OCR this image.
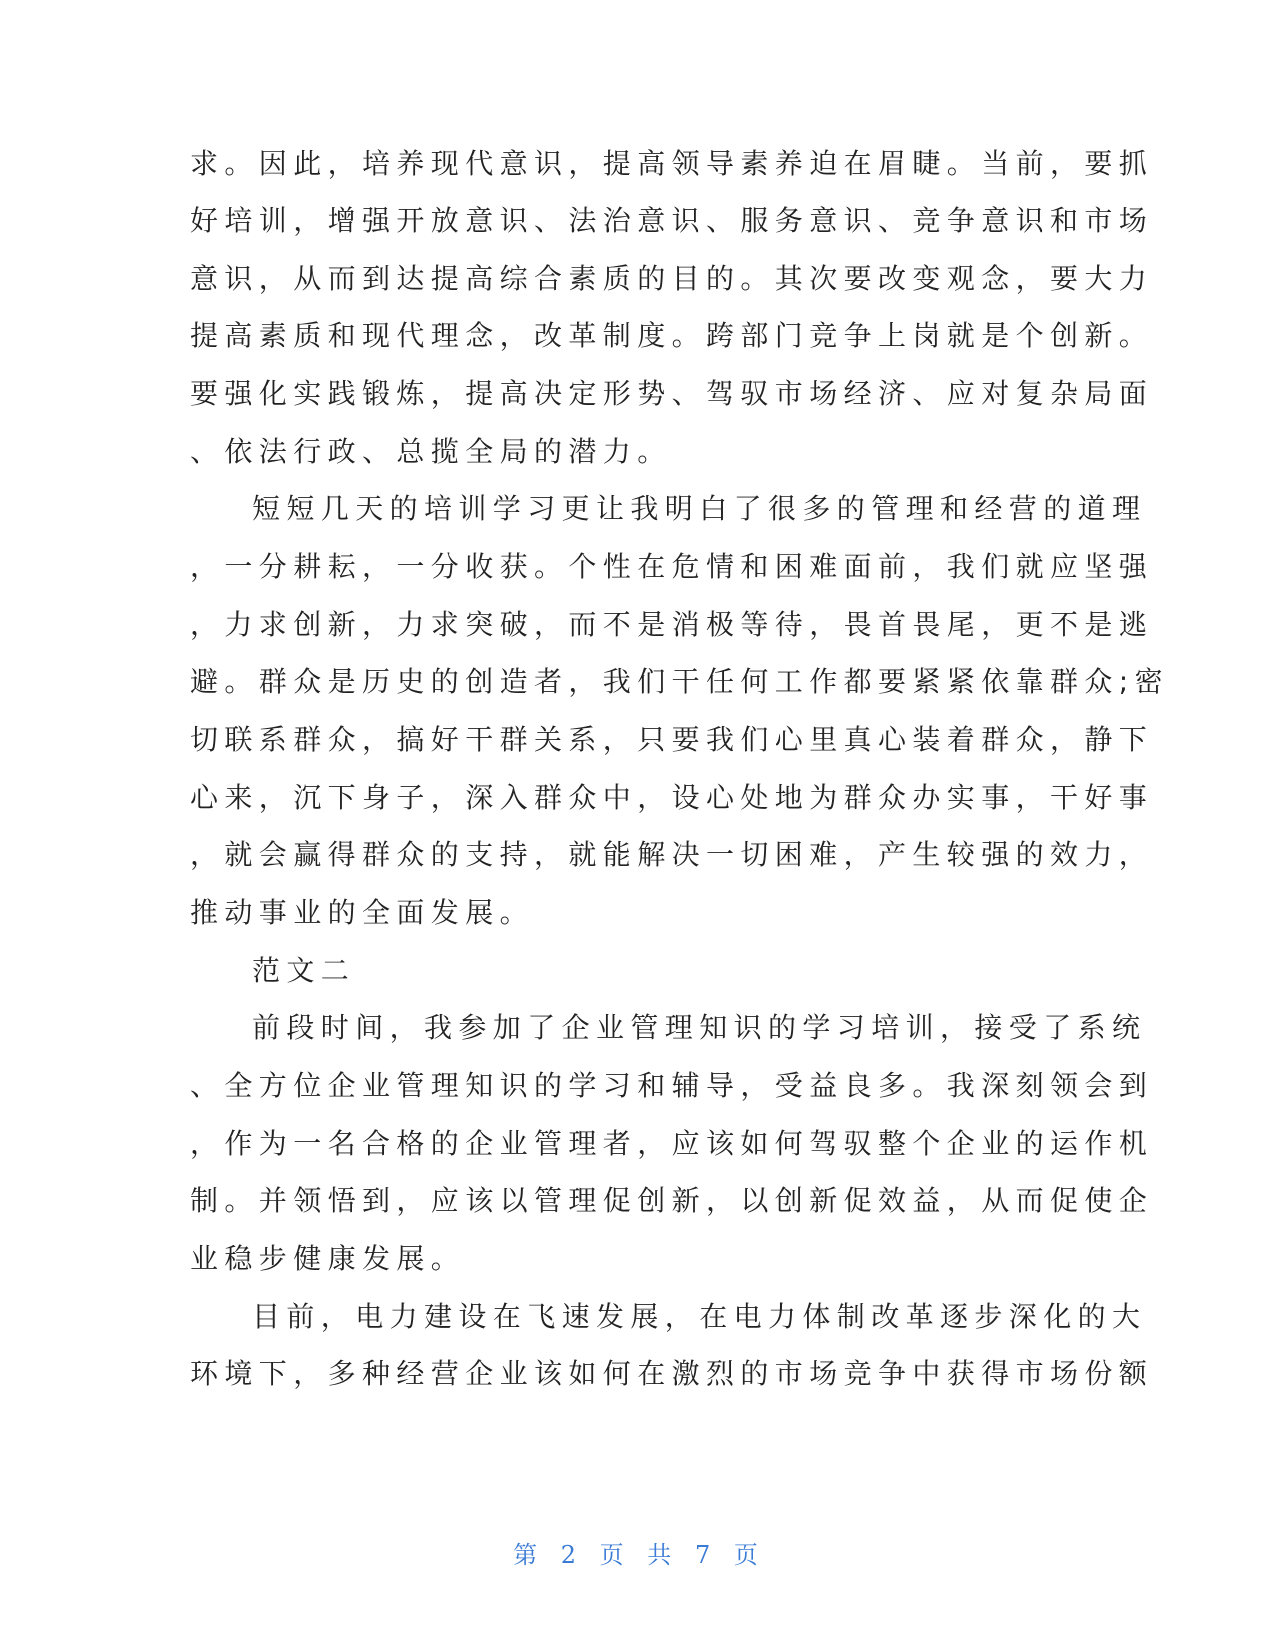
求。因此，培养现代意识，提高领导素养迫在眉睫。当前，要抓
好培训，增强开放意识、法治意识、服务意识、竞争意识和市场
意识，从而到达提高综合素质的目的。其次要改变观念，要大力
提高素质和现代理念，改革制度。跨部门竞争上岗就是个创新。
要强化实践锻炼，提高决定形势、驾驭市场经济、应对复杂局面
、依法行政、总揽全局的潜力。
短短几天的培训学习更让我明白了很多的管理和经营的道理
，一分耕耘，一分收获。个性在危情和困难面前，我们就应坚强
，力求创新，力求突破，而不是消极等待，畏首畏尾，更不是逃
避。群众是历史的创造者，我们干任何工作都要紧紧依靠群众;密
切联系群众，搞好干群关系，只要我们心里真心装着群众，静下
心来，沉下身子，深入群众中，设心处地为群众办实事，干好事
，就会赢得群众的支持，就能解决一切困难，产生较强的效力，
推动事业的全面发展。
范文二
前段时间，我参加了企业管理知识的学习培训，接受了系统
、全方位企业管理知识的学习和辅导，受益良多。我深刻领会到
，作为一名合格的企业管理者，应该如何驾驭整个企业的运作机
制。并领悟到，应该以管理促创新，以创新促效益，从而促使企
业稳步健康发展。
目前，电力建设在飞速发展，在电力体制改革逐步深化的大
环境下，多种经营企业该如何在激烈的市场竞争中获得市场份额
第 2 页 共 7 页
